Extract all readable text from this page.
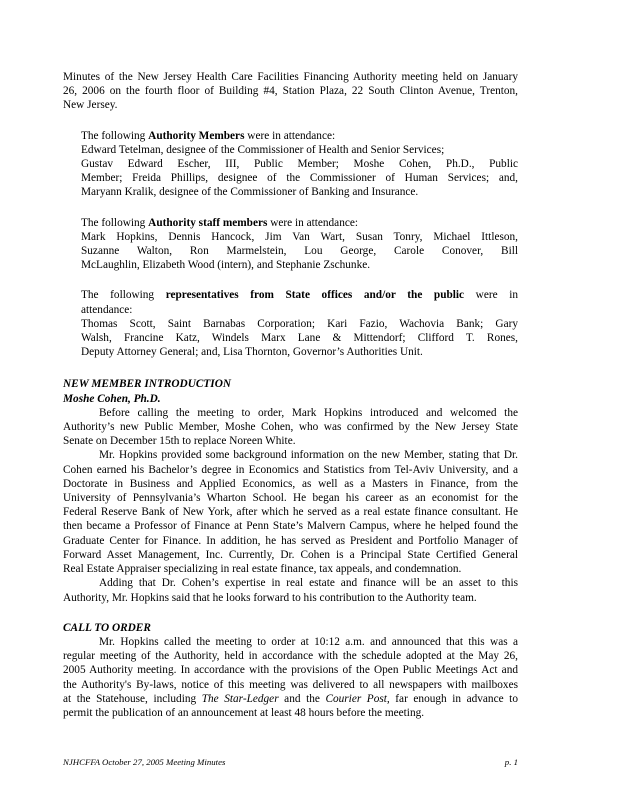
Minutes of the New Jersey Health Care Facilities Financing Authority meeting held on January
26, 2006 on the fourth floor of Building #4, Station Plaza, 22 South Clinton Avenue, Trenton,
New Jersey.
The following Authority Members were in attendance:
Edward Tetelman, designee of the Commissioner of Health and Senior Services;
Gustav Edward Escher, III, Public Member; Moshe Cohen, Ph.D., Public
Member; Freida Phillips, designee of the Commissioner of Human Services; and,
Maryann Kralik, designee of the Commissioner of Banking and Insurance.
The following Authority staff members were in attendance:
Mark Hopkins, Dennis Hancock, Jim Van Wart, Susan Tonry, Michael Ittleson,
Suzanne Walton, Ron Marmelstein, Lou George, Carole Conover, Bill
McLaughlin, Elizabeth Wood (intern), and Stephanie Zschunke.
The following representatives from State offices and/or the public were in
attendance:
Thomas Scott, Saint Barnabas Corporation; Kari Fazio, Wachovia Bank; Gary
Walsh, Francine Katz, Windels Marx Lane & Mittendorf; Clifford T. Rones,
Deputy Attorney General; and, Lisa Thornton, Governor’s Authorities Unit.
NEW MEMBER INTRODUCTION
Moshe Cohen, Ph.D.
Before calling the meeting to order, Mark Hopkins introduced and welcomed the
Authority’s new Public Member, Moshe Cohen, who was confirmed by the New Jersey State
Senate on December 15th to replace Noreen White.
Mr. Hopkins provided some background information on the new Member, stating that Dr.
Cohen earned his Bachelor’s degree in Economics and Statistics from Tel-Aviv University, and a
Doctorate in Business and Applied Economics, as well as a Masters in Finance, from the
University of Pennsylvania’s Wharton School. He began his career as an economist for the
Federal Reserve Bank of New York, after which he served as a real estate finance consultant. He
then became a Professor of Finance at Penn State’s Malvern Campus, where he helped found the
Graduate Center for Finance. In addition, he has served as President and Portfolio Manager of
Forward Asset Management, Inc. Currently, Dr. Cohen is a Principal State Certified General
Real Estate Appraiser specializing in real estate finance, tax appeals, and condemnation.
Adding that Dr. Cohen’s expertise in real estate and finance will be an asset to this
Authority, Mr. Hopkins said that he looks forward to his contribution to the Authority team.
CALL TO ORDER
Mr. Hopkins called the meeting to order at 10:12 a.m. and announced that this was a
regular meeting of the Authority, held in accordance with the schedule adopted at the May 26,
2005 Authority meeting. In accordance with the provisions of the Open Public Meetings Act and
the Authority's By-laws, notice of this meeting was delivered to all newspapers with mailboxes
at the Statehouse, including The Star-Ledger and the Courier Post, far enough in advance to
permit the publication of an announcement at least 48 hours before the meeting.
NJHCFFA October 27, 2005 Meeting Minutes	p. 1
